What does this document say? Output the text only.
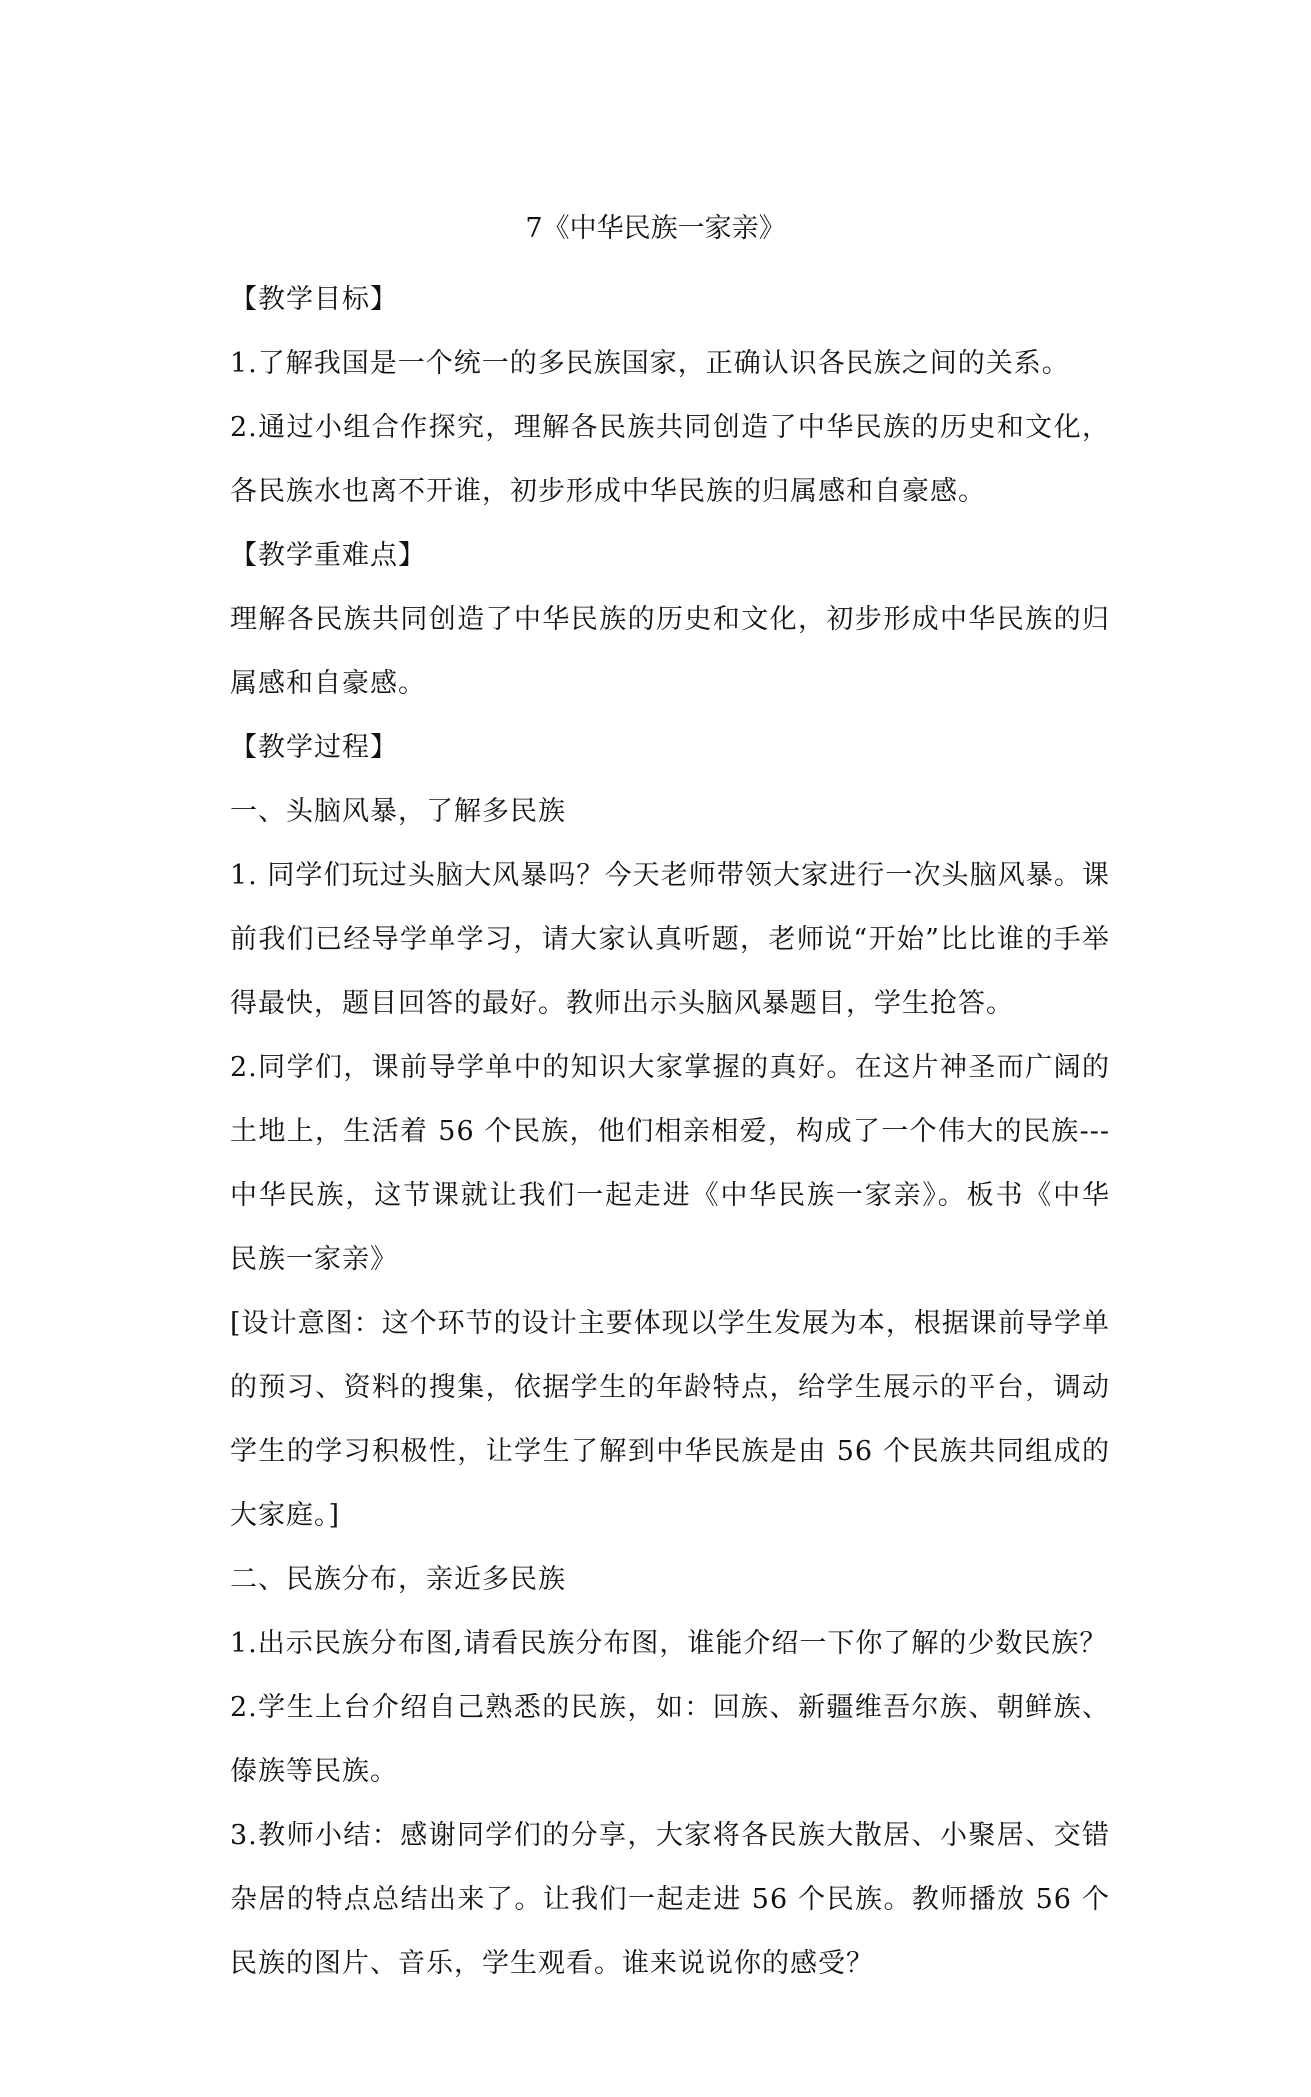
7《中华民族一家亲》

【教学目标】

1.了解我国是一个统一的多民族国家，正确认识各民族之间的关系。

2.通过小组合作探究，理解各民族共同创造了中华民族的历史和文化，各民族水也离不开谁，初步形成中华民族的归属感和自豪感。

【教学重难点】

理解各民族共同创造了中华民族的历史和文化，初步形成中华民族的归属感和自豪感。

【教学过程】

一、头脑风暴，了解多民族

1. 同学们玩过头脑大风暴吗？今天老师带领大家进行一次头脑风暴。课前我们已经导学单学习，请大家认真听题，老师说“开始”比比谁的手举得最快，题目回答的最好。教师出示头脑风暴题目，学生抢答。

2.同学们，课前导学单中的知识大家掌握的真好。在这片神圣而广阔的土地上，生活着 56 个民族，他们相亲相爱，构成了一个伟大的民族---中华民族，这节课就让我们一起走进《中华民族一家亲》。板书《中华民族一家亲》

[设计意图：这个环节的设计主要体现以学生发展为本，根据课前导学单的预习、资料的搜集，依据学生的年龄特点，给学生展示的平台，调动学生的学习积极性，让学生了解到中华民族是由 56 个民族共同组成的大家庭。]

二、民族分布，亲近多民族

1.出示民族分布图,请看民族分布图，谁能介绍一下你了解的少数民族？

2.学生上台介绍自己熟悉的民族，如：回族、新疆维吾尔族、朝鲜族、傣族等民族。

3.教师小结：感谢同学们的分享，大家将各民族大散居、小聚居、交错杂居的特点总结出来了。让我们一起走进 56 个民族。教师播放 56 个民族的图片、音乐，学生观看。谁来说说你的感受？
